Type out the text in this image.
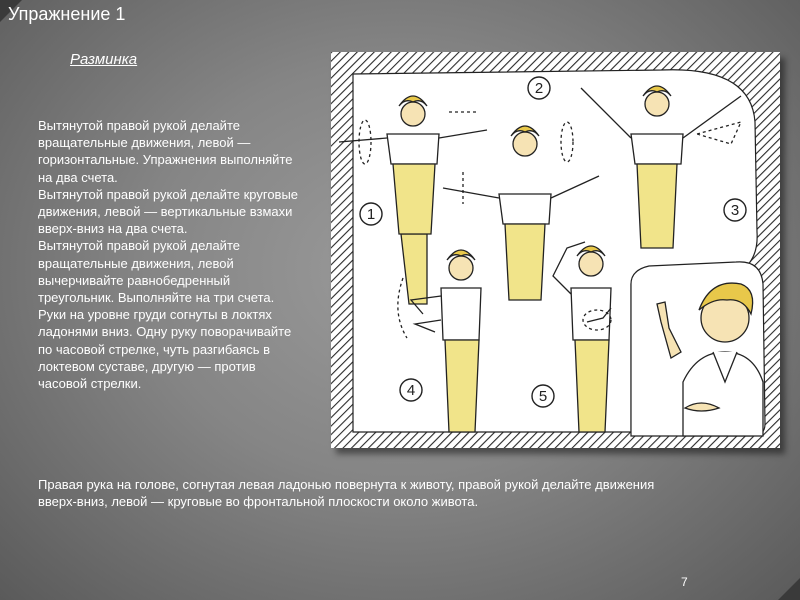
Упражнение 1
Разминка

Вытянутой правой рукой делайте вращательные движения, левой — горизонтальные. Упражнения выполняйте на два счета.

Вытянутой правой рукой делайте круговые движения, левой — вертикальные взмахи вверх-вниз на два счета.

Вытянутой правой рукой делайте вращательные движения, левой вычерчивайте равнобедренный треугольник. Выполняйте на три счета.

Руки на уровне груди согнуты в локтях ладонями вниз. Одну руку поворачивайте по часовой стрелке, чуть разгибаясь в локтевом суставе, другую — против часовой стрелки.

Правая рука на голове, согнутая левая ладонью повернута к животу, правой рукой делайте движения вверх-вниз, левой — круговые во фронтальной плоскости около живота.

1
2
3
4	5
7
